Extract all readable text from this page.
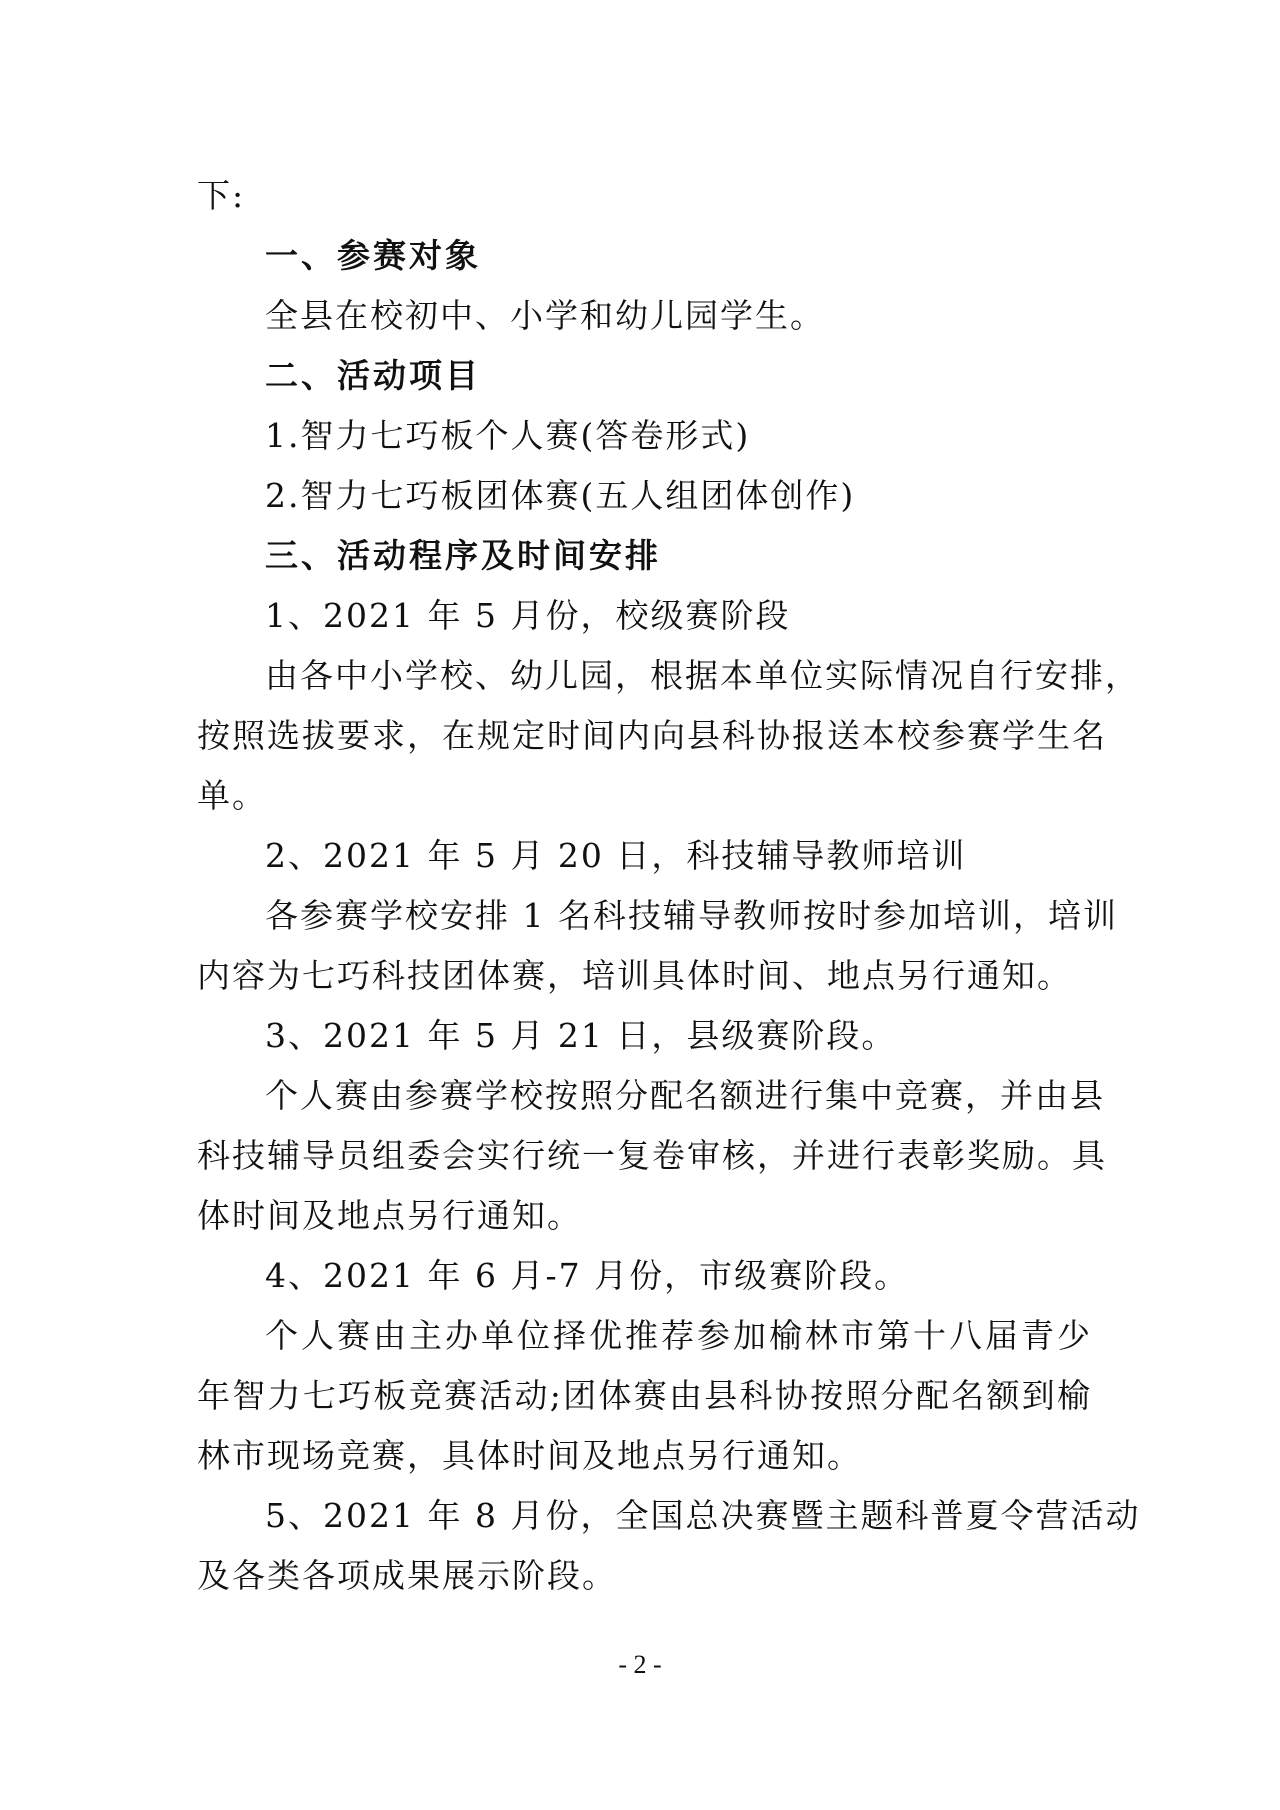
下:
一、参赛对象
全县在校初中、小学和幼儿园学生。
二、活动项目
1.智力七巧板个人赛(答卷形式)
2.智力七巧板团体赛(五人组团体创作)
三、活动程序及时间安排
1、2021 年 5 月份，校级赛阶段
由各中小学校、幼儿园，根据本单位实际情况自行安排，
按照选拔要求，在规定时间内向县科协报送本校参赛学生名
单。
2、2021 年 5 月 20 日，科技辅导教师培训
各参赛学校安排 1 名科技辅导教师按时参加培训，培训
内容为七巧科技团体赛，培训具体时间、地点另行通知。
3、2021 年 5 月 21 日，县级赛阶段。
个人赛由参赛学校按照分配名额进行集中竞赛，并由县
科技辅导员组委会实行统一复卷审核，并进行表彰奖励。具
体时间及地点另行通知。
4、2021 年 6 月-7 月份，市级赛阶段。
个人赛由主办单位择优推荐参加榆林市第十八届青少
年智力七巧板竞赛活动;团体赛由县科协按照分配名额到榆
林市现场竞赛，具体时间及地点另行通知。
5、2021 年 8 月份，全国总决赛暨主题科普夏令营活动
及各类各项成果展示阶段。
- 2 -
